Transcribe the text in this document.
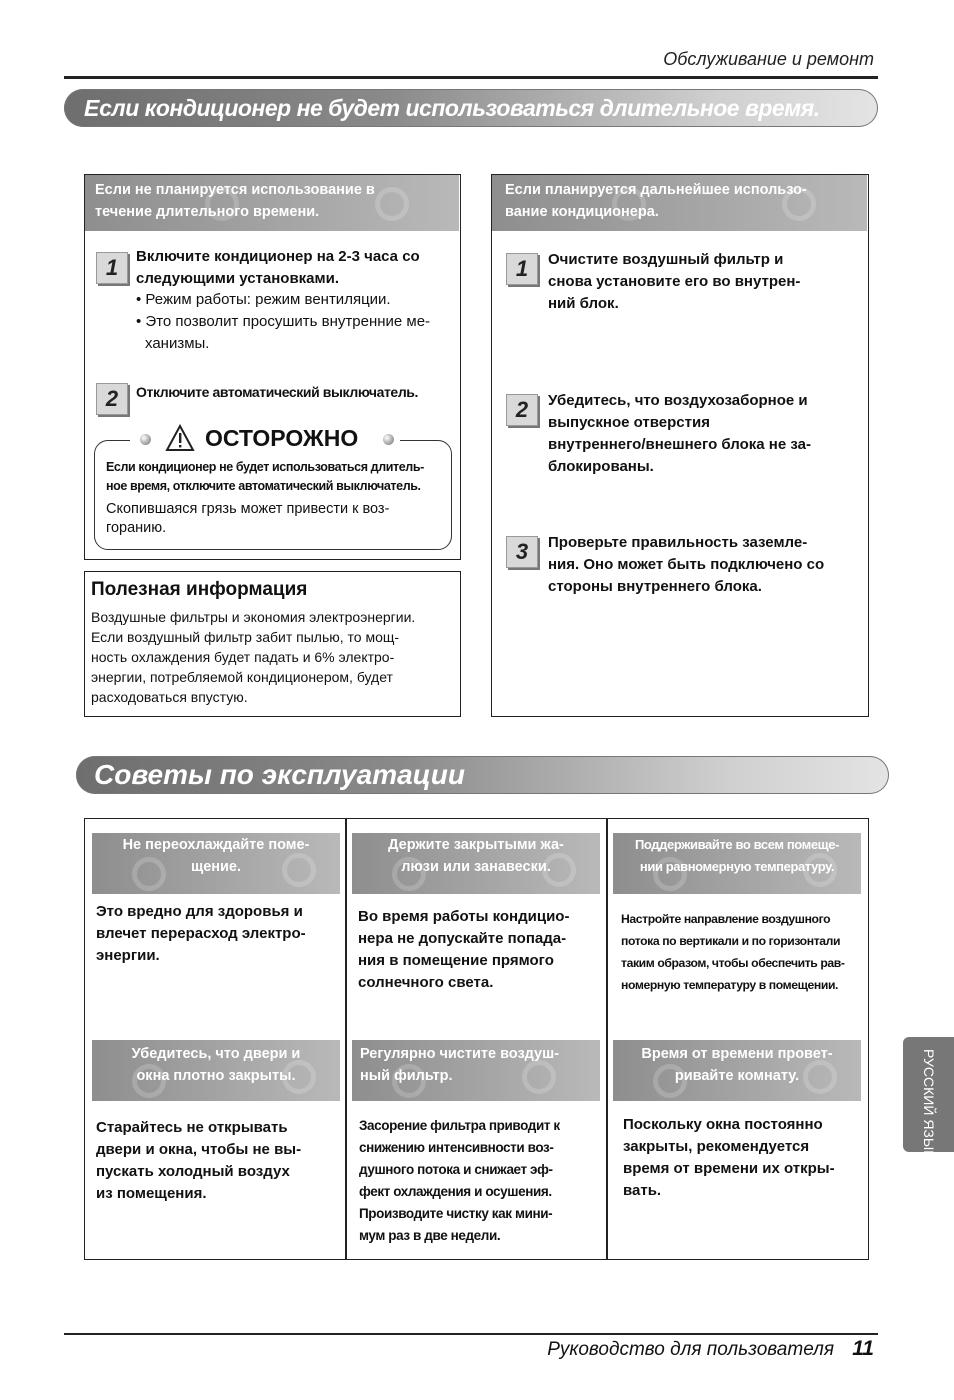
Обслуживание и ремонт
Если кондиционер не будет использоваться длительное время.
Если не планируется использование в
течение длительного времени.
1	Включите кондиционер на 2-3 часа со
следующими установками.
• Режим работы: режим вентиляции.
• Это позволит просушить внутренние ме-
ханизмы.
2	Отключите автоматический выключатель.
ОСТОРОЖНО
Если кондиционер не будет использоваться длитель-
ное время, отключите автоматический выключатель.
Скопившаяся грязь может привести к воз-
горанию.
Полезная информация
Воздушные фильтры и экономия электроэнергии.
Если воздушный фильтр забит пылью, то мощ-
ность охлаждения будет падать и 6% электро-
энергии, потребляемой кондиционером, будет
расходоваться впустую.
Если планируется дальнейшее использо-
вание кондиционера.
1	Очистите воздушный фильтр и
снова установите его во внутрен-
ний блок.
2	Убедитесь, что воздухозаборное и
выпускное отверстия
внутреннего/внешнего блока не за-
блокированы.
3	Проверьте правильность заземле-
ния. Оно может быть подключено со
стороны внутреннего блока.
Советы по эксплуатации
Не переохлаждайте поме-
щение.
Держите закрытыми жа-
люзи или занавески.
Поддерживайте во всем помеще-
нии равномерную температуру.
Это вредно для здоровья и
влечет перерасход электро-
энергии.
Во время работы кондицио-
нера не допускайте попада-
ния в помещение прямого
солнечного света.
Настройте направление воздушного
потока по вертикали и по горизонтали
таким образом, чтобы обеспечить рав-
номерную температуру в помещении.
Убедитесь, что двери и
окна плотно закрыты.
Регулярно чистите воздуш-
ный фильтр.
Время от времени провет-
ривайте комнату.
Старайтесь не открывать
двери и окна, чтобы не вы-
пускать холодный воздух
из помещения.
Засорение фильтра приводит к
снижению интенсивности воз-
душного потока и снижает эф-
фект охлаждения и осушения.
Производите чистку как мини-
мум раз в две недели.
Поскольку окна постоянно
закрыты, рекомендуется
время от времени их откры-
вать.
РУССКИЙ ЯЗЫК
Руководство для пользователя 11
